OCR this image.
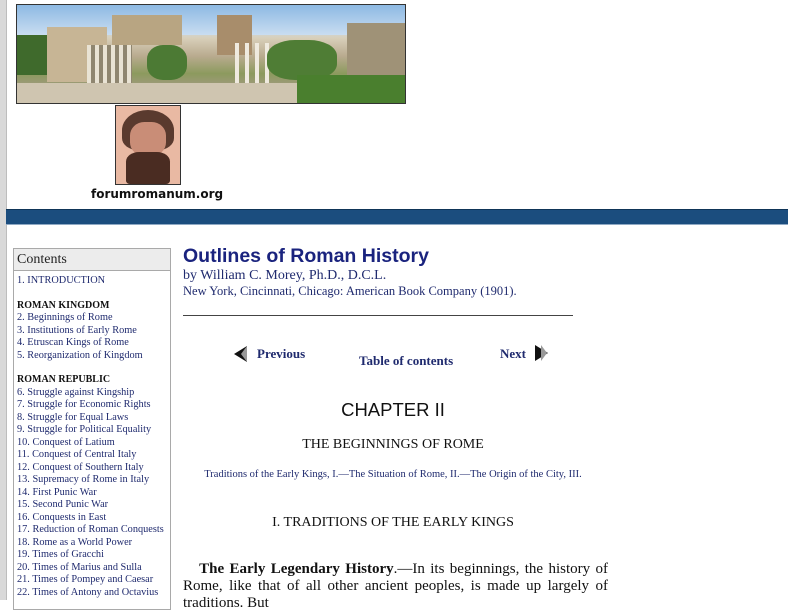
forumromanum.org
Contents
1. INTRODUCTION
ROMAN KINGDOM
2. Beginnings of Rome
3. Institutions of Early Rome
4. Etruscan Kings of Rome
5. Reorganization of Kingdom
ROMAN REPUBLIC
6. Struggle against Kingship
7. Struggle for Economic Rights
8. Struggle for Equal Laws
9. Struggle for Political Equality
10. Conquest of Latium
11. Conquest of Central Italy
12. Conquest of Southern Italy
13. Supremacy of Rome in Italy
14. First Punic War
15. Second Punic War
16. Conquests in East
17. Reduction of Roman Conquests
18. Rome as a World Power
19. Times of Gracchi
20. Times of Marius and Sulla
21. Times of Pompey and Caesar
22. Times of Antony and Octavius
Outlines of Roman History
by William C. Morey, Ph.D., D.C.L.
New York, Cincinnati, Chicago: American Book Company (1901).
Previous	Table of contents	Next
CHAPTER II
THE BEGINNINGS OF ROME
Traditions of the Early Kings, I.—The Situation of Rome, II.—The Origin of the City, III.
I. TRADITIONS OF THE EARLY KINGS
The Early Legendary History.—In its beginnings, the history of Rome, like that of all other ancient peoples, is made up largely of traditions. But
